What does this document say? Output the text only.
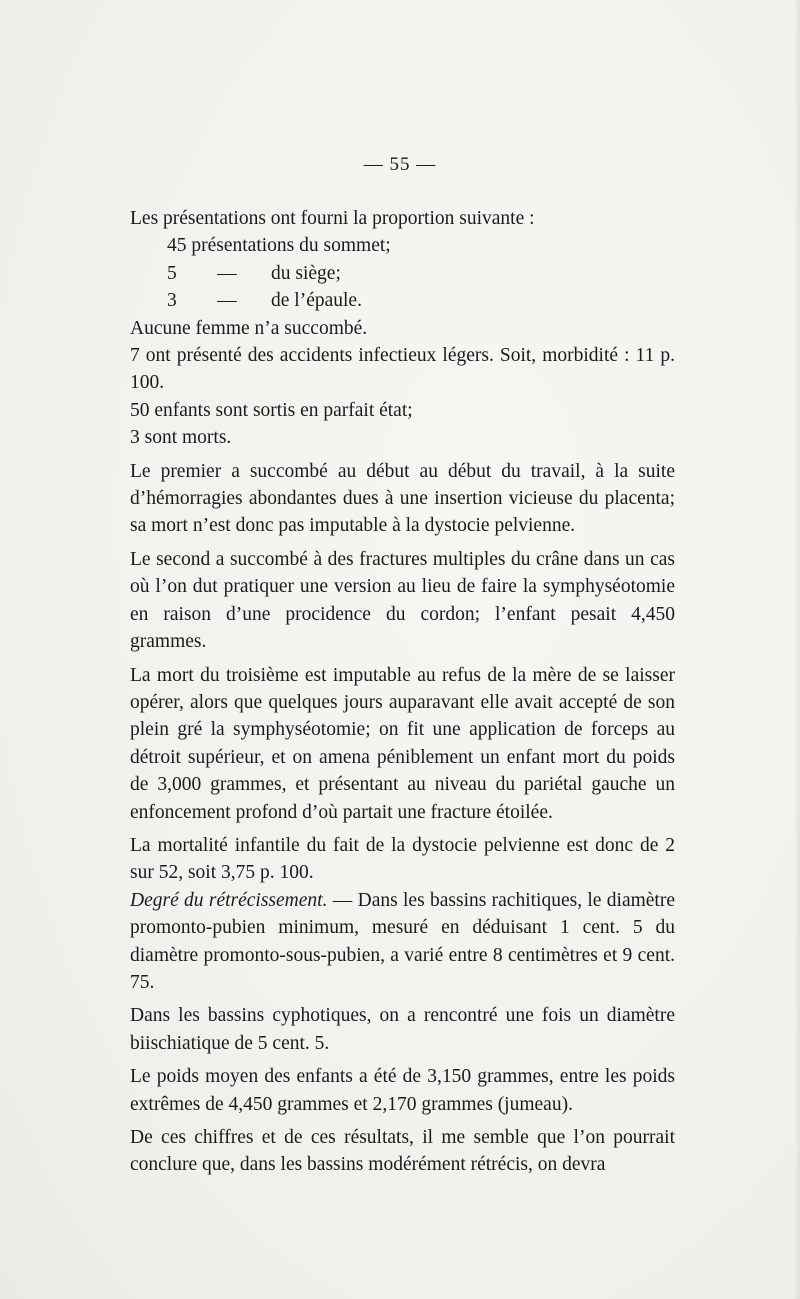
— 55 —

Les présentations ont fourni la proportion suivante :

45 présentations du sommet;

5 — du siège;

3 — de l’épaule.

Aucune femme n’a succombé.

7 ont présenté des accidents infectieux légers. Soit, morbidité : 11 p. 100.

50 enfants sont sortis en parfait état;

3 sont morts.

Le premier a succombé au début au début du travail, à la suite d’hémorragies abondantes dues à une insertion vicieuse du placenta; sa mort n’est donc pas imputable à la dystocie pelvienne.

Le second a succombé à des fractures multiples du crâne dans un cas où l’on dut pratiquer une version au lieu de faire la symphyséotomie en raison d’une procidence du cordon; l’enfant pesait 4,450 grammes.

La mort du troisième est imputable au refus de la mère de se laisser opérer, alors que quelques jours auparavant elle avait accepté de son plein gré la symphyséotomie; on fit une application de forceps au détroit supérieur, et on amena péniblement un enfant mort du poids de 3,000 grammes, et présentant au niveau du pariétal gauche un enfoncement profond d’où partait une fracture étoilée.

La mortalité infantile du fait de la dystocie pelvienne est donc de 2 sur 52, soit 3,75 p. 100.

Degré du rétrécissement. — Dans les bassins rachitiques, le diamètre promonto-pubien minimum, mesuré en déduisant 1 cent. 5 du diamètre promonto-sous-pubien, a varié entre 8 centimètres et 9 cent. 75.

Dans les bassins cyphotiques, on a rencontré une fois un diamètre biischiatique de 5 cent. 5.

Le poids moyen des enfants a été de 3,150 grammes, entre les poids extrêmes de 4,450 grammes et 2,170 grammes (jumeau).

De ces chiffres et de ces résultats, il me semble que l’on pourrait conclure que, dans les bassins modérément rétrécis, on devra
